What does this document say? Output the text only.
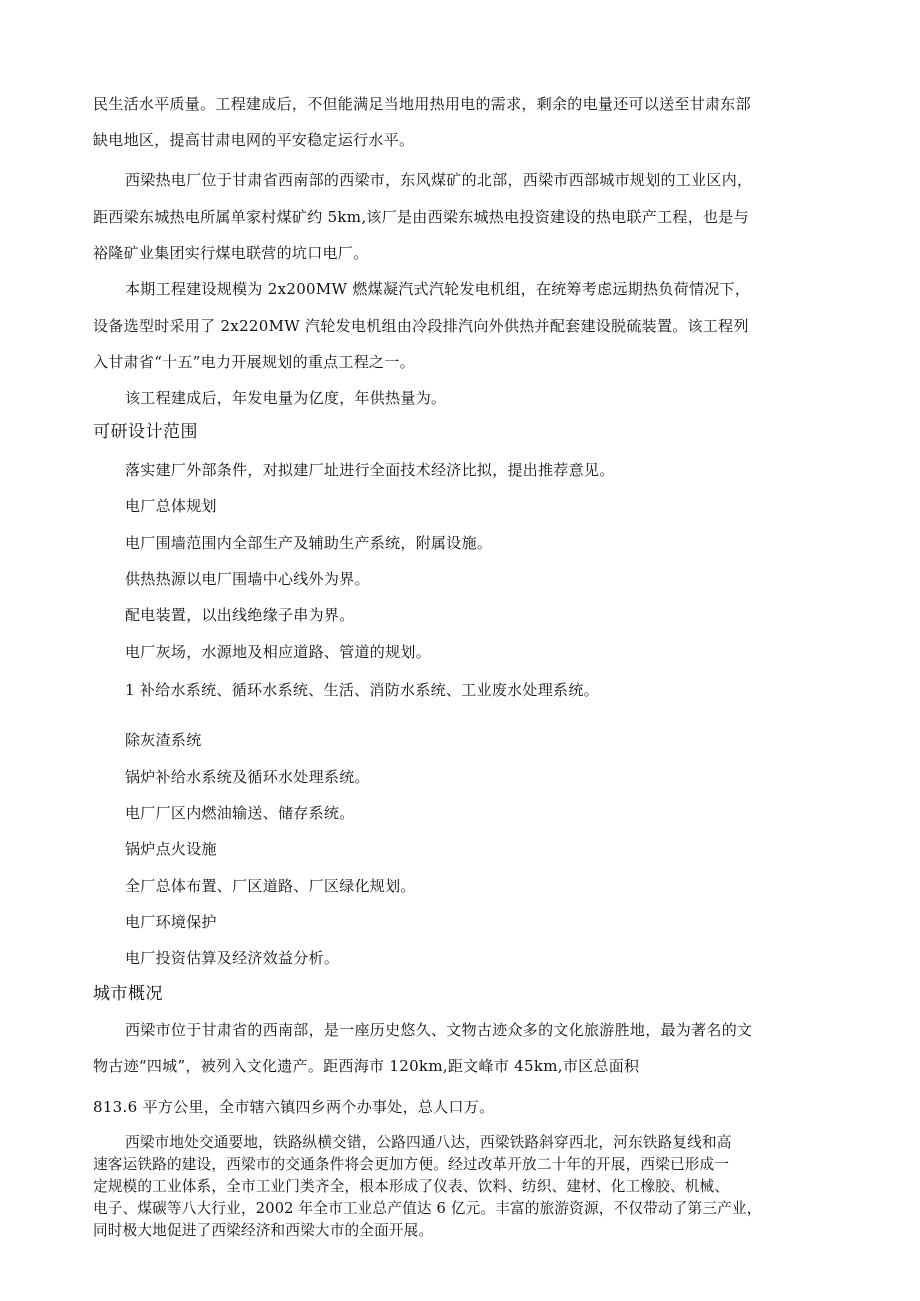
民生活水平质量。工程建成后，不但能满足当地用热用电的需求，剩余的电量还可以送至甘肃东部
缺电地区，提高甘肃电网的平安稳定运行水平。
西梁热电厂位于甘肃省西南部的西梁市，东风煤矿的北部，西梁市西部城市规划的工业区内，
距西梁东城热电所属单家村煤矿约 5km,该厂是由西梁东城热电投资建设的热电联产工程，也是与
裕隆矿业集团实行煤电联营的坑口电厂。
本期工程建设规模为 2x200MW 燃煤凝汽式汽轮发电机组，在统筹考虑远期热负荷情况下，
设备选型时采用了 2x220MW 汽轮发电机组由冷段排汽向外供热并配套建设脱硫装置。该工程列
入甘肃省“十五”电力开展规划的重点工程之一。
该工程建成后，年发电量为亿度，年供热量为。
可研设计范围
落实建厂外部条件，对拟建厂址进行全面技术经济比拟，提出推荐意见。
电厂总体规划
电厂围墙范围内全部生产及辅助生产系统，附属设施。
供热热源以电厂围墙中心线外为界。
配电装置，以出线绝缘子串为界。
电厂灰场，水源地及相应道路、管道的规划。
1 补给水系统、循环水系统、生活、消防水系统、工业废水处理系统。
除灰渣系统
锅炉补给水系统及循环水处理系统。
电厂厂区内燃油输送、储存系统。
锅炉点火设施
全厂总体布置、厂区道路、厂区绿化规划。
电厂环境保护
电厂投资估算及经济效益分析。
城市概况
西梁市位于甘肃省的西南部，是一座历史悠久、文物古迹众多的文化旅游胜地，最为著名的文
物古迹“四城”，被列入文化遗产。距西海市 120km,距文峰市 45km,市区总面积
813.6 平方公里，全市辖六镇四乡两个办事处，总人口万。
西梁市地处交通要地，铁路纵横交错，公路四通八达，西梁铁路斜穿西北，河东铁路复线和高
速客运铁路的建设，西梁市的交通条件将会更加方便。经过改革开放二十年的开展，西梁已形成一
定规模的工业体系，全市工业门类齐全，根本形成了仪表、饮料、纺织、建材、化工橡胶、机械、
电子、煤碳等八大行业，2002 年全市工业总产值达 6 亿元。丰富的旅游资源，不仅带动了第三产业，
同时极大地促进了西梁经济和西梁大市的全面开展。
